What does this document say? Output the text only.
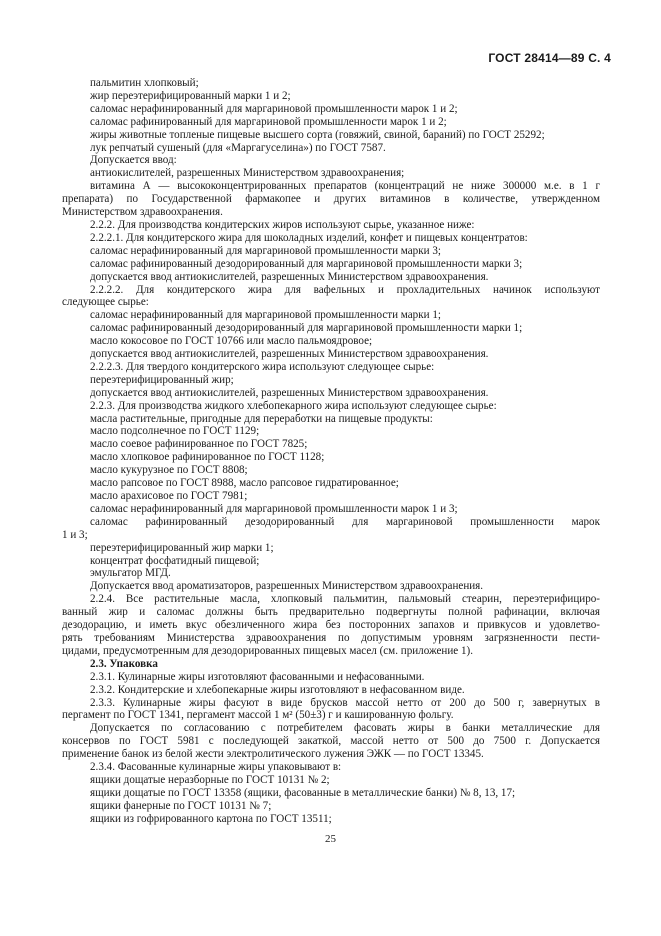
ГОСТ 28414—89 С. 4
пальмитин хлопковый;
жир переэтерифицированный марки 1 и 2;
саломас нерафинированный для маргариновой промышленности марок 1 и 2;
саломас рафинированный для маргариновой промышленности марок 1 и 2;
жиры животные топленые пищевые высшего сорта (говяжий, свиной, бараний) по ГОСТ 25292;
лук репчатый сушеный (для «Маргагуселина») по ГОСТ 7587.
Допускается ввод:
антиокислителей, разрешенных Министерством здравоохранения;
витамина А — высококонцентрированных препаратов (концентраций не ниже 300000 м.е. в 1 г
препарата) по Государственной фармакопее и других витаминов в количестве, утвержденном
Министерством здравоохранения.
2.2.2. Для производства кондитерских жиров используют сырье, указанное ниже:
2.2.2.1. Для кондитерского жира для шоколадных изделий, конфет и пищевых концентратов:
саломас нерафинированный для маргариновой промышленности марки 3;
саломас рафинированный дезодорированный для маргариновой промышленности марки 3;
допускается ввод антиокислителей, разрешенных Министерством здравоохранения.
2.2.2.2. Для кондитерского жира для вафельных и прохладительных начинок используют
следующее сырье:
саломас нерафинированный для маргариновой промышленности марки 1;
саломас рафинированный дезодорированный для маргариновой промышленности марки 1;
масло кокосовое по ГОСТ 10766 или масло пальмоядровое;
допускается ввод антиокислителей, разрешенных Министерством здравоохранения.
2.2.2.3. Для твердого кондитерского жира используют следующее сырье:
переэтерифицированный жир;
допускается ввод антиокислителей, разрешенных Министерством здравоохранения.
2.2.3. Для производства жидкого хлебопекарного жира используют следующее сырье:
масла растительные, пригодные для переработки на пищевые продукты:
масло подсолнечное по ГОСТ 1129;
масло соевое рафинированное по ГОСТ 7825;
масло хлопковое рафинированное по ГОСТ 1128;
масло кукурузное по ГОСТ 8808;
масло рапсовое по ГОСТ 8988, масло рапсовое гидратированное;
масло арахисовое по ГОСТ 7981;
саломас нерафинированный для маргариновой промышленности марок 1 и 3;
саломас рафинированный дезодорированный для маргариновой промышленности марок
1 и 3;
переэтерифицированный жир марки 1;
концентрат фосфатидный пищевой;
эмульгатор МГД.
Допускается ввод ароматизаторов, разрешенных Министерством здравоохранения.
2.2.4. Все растительные масла, хлопковый пальмитин, пальмовый стеарин, переэтерифициро-
ванный жир и саломас должны быть предварительно подвергнуты полной рафинации, включая
дезодорацию, и иметь вкус обезличенного жира без посторонних запахов и привкусов и удовлетво-
рять требованиям Министерства здравоохранения по допустимым уровням загрязненности пести-
цидами, предусмотренным для дезодорированных пищевых масел (см. приложение 1).
2.3. Упаковка
2.3.1. Кулинарные жиры изготовляют фасованными и нефасованными.
2.3.2. Кондитерские и хлебопекарные жиры изготовляют в нефасованном виде.
2.3.3. Кулинарные жиры фасуют в виде брусков массой нетто от 200 до 500 г, завернутых в
пергамент по ГОСТ 1341, пергамент массой 1 м² (50±3) г и кашированную фольгу.
Допускается по согласованию с потребителем фасовать жиры в банки металлические для
консервов по ГОСТ 5981 с последующей закаткой, массой нетто от 500 до 7500 г. Допускается
применение банок из белой жести электролитического лужения ЭЖК — по ГОСТ 13345.
2.3.4. Фасованные кулинарные жиры упаковывают в:
ящики дощатые неразборные по ГОСТ 10131 № 2;
ящики дощатые по ГОСТ 13358 (ящики, фасованные в металлические банки) № 8, 13, 17;
ящики фанерные по ГОСТ 10131 № 7;
ящики из гофрированного картона по ГОСТ 13511;
25
